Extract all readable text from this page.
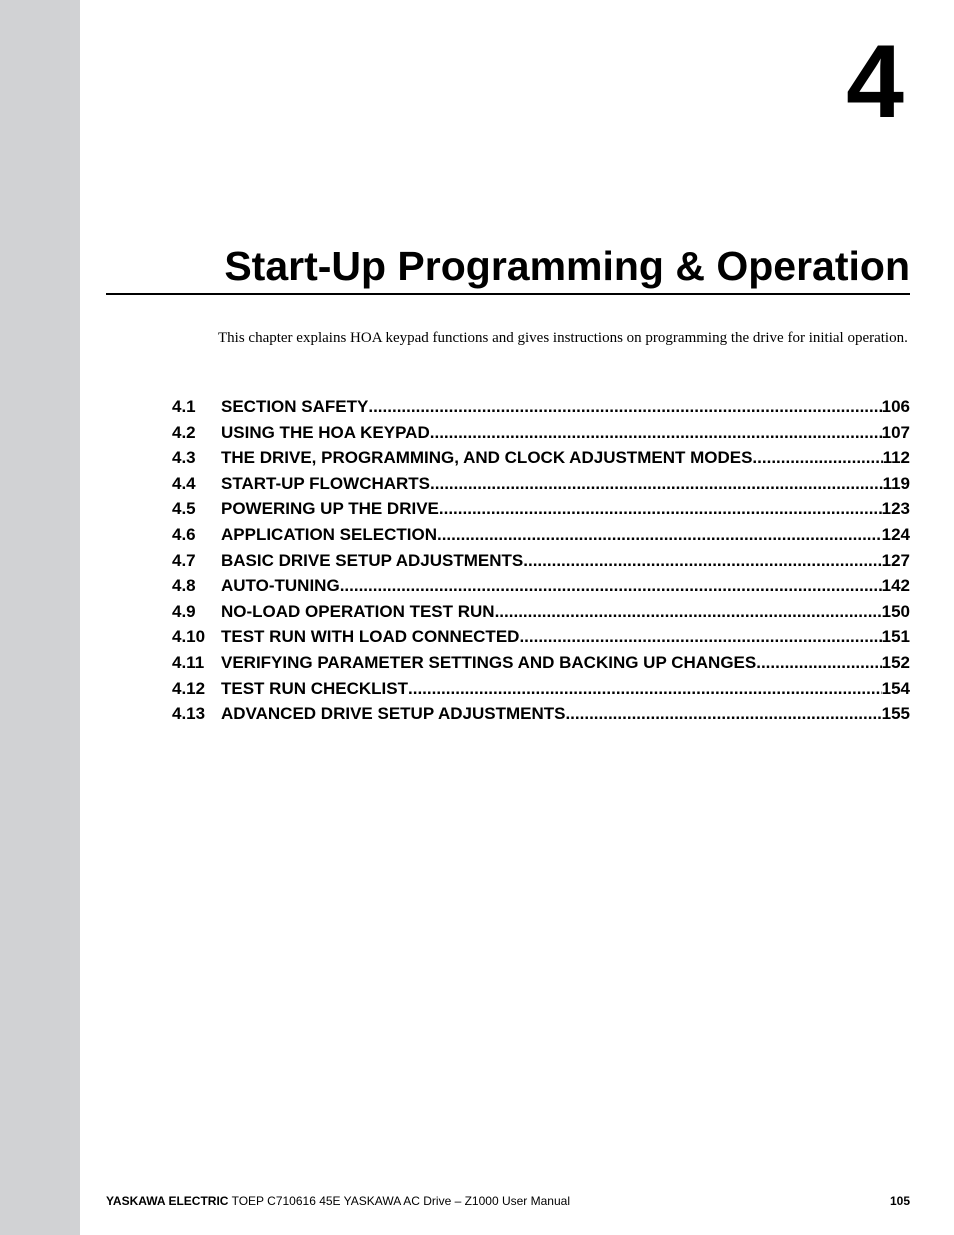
4
Start-Up Programming & Operation
This chapter explains HOA keypad functions and gives instructions on programming the drive for initial operation.
4.1	SECTION SAFETY .....	106
4.2	USING THE HOA KEYPAD .....	107
4.3	THE DRIVE, PROGRAMMING, AND CLOCK ADJUSTMENT MODES .....	112
4.4	START-UP FLOWCHARTS .....	119
4.5	POWERING UP THE DRIVE .....	123
4.6	APPLICATION SELECTION .....	124
4.7	BASIC DRIVE SETUP ADJUSTMENTS .....	127
4.8	AUTO-TUNING .....	142
4.9	NO-LOAD OPERATION TEST RUN .....	150
4.10 TEST RUN WITH LOAD CONNECTED .....	151
4.11 VERIFYING PARAMETER SETTINGS AND BACKING UP CHANGES .....	152
4.12 TEST RUN CHECKLIST .....	154
4.13 ADVANCED DRIVE SETUP ADJUSTMENTS .....	155
YASKAWA ELECTRIC TOEP C710616 45E YASKAWA AC Drive – Z1000 User Manual	105
